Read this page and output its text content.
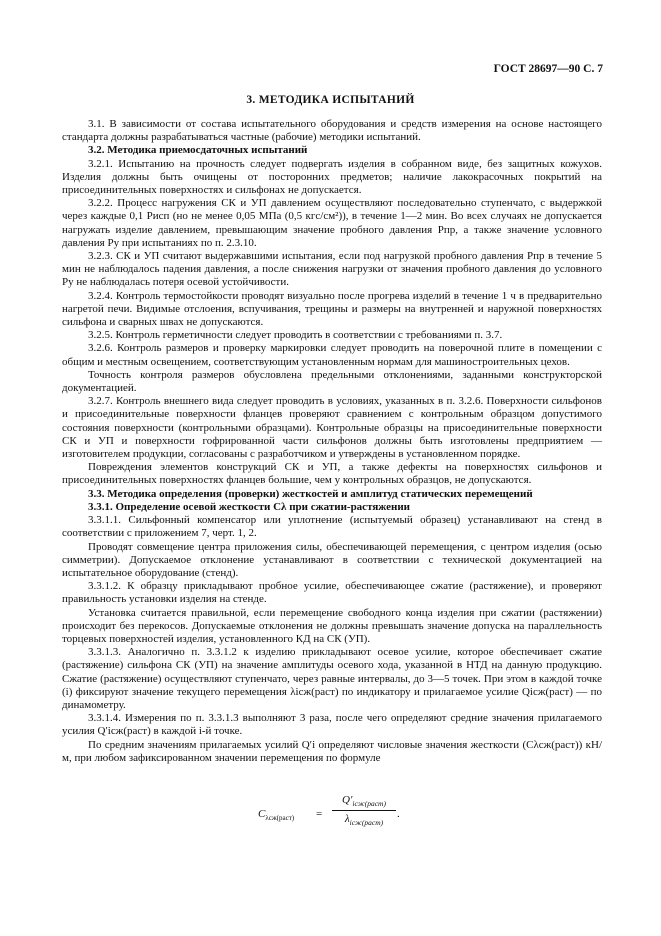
ГОСТ 28697—90 С. 7
3. МЕТОДИКА ИСПЫТАНИЙ

3.1. В зависимости от состава испытательного оборудования и средств измерения на основе настоящего стандарта должны разрабатываться частные (рабочие) методики испытаний.

3.2. Методика приемосдаточных испытаний

3.2.1. Испытанию на прочность следует подвергать изделия в собранном виде, без защитных кожухов. Изделия должны быть очищены от посторонних предметов; наличие лакокрасочных покрытий на присоединительных поверхностях и сильфонах не допускается.

3.2.2. Процесс нагружения СК и УП давлением осуществляют последовательно ступенчато, с выдержкой через каждые 0,1 Pисп (но не менее 0,05 МПа (0,5 кгс/см²)), в течение 1—2 мин. Во всех случаях не допускается нагружать изделие давлением, превышающим значение пробного давления Pпр, а также значение условного давления Pу при испытаниях по п. 2.3.10.

3.2.3. СК и УП считают выдержавшими испытания, если под нагрузкой пробного давления Pпр в течение 5 мин не наблюдалось падения давления, а после снижения нагрузки от значения пробного давления до условного Pу не наблюдалась потеря осевой устойчивости.

3.2.4. Контроль термостойкости проводят визуально после прогрева изделий в течение 1 ч в предварительно нагретой печи. Видимые отслоения, вспучивания, трещины и размеры на внутренней и наружной поверхностях сильфона и сварных швах не допускаются.

3.2.5. Контроль герметичности следует проводить в соответствии с требованиями п. 3.7.

3.2.6. Контроль размеров и проверку маркировки следует проводить на поверочной плите в помещении с общим и местным освещением, соответствующим установленным нормам для машиностроительных цехов.

Точность контроля размеров обусловлена предельными отклонениями, заданными конструкторской документацией.

3.2.7. Контроль внешнего вида следует проводить в условиях, указанных в п. 3.2.6. Поверхности сильфонов и присоединительные поверхности фланцев проверяют сравнением с контрольным образцом допустимого состояния поверхности (контрольными образцами). Контрольные образцы на присоединительные поверхности СК и УП и поверхности гофрированной части сильфонов должны быть изготовлены предприятием — изготовителем продукции, согласованы с разработчиком и утверждены в установленном порядке.

Повреждения элементов конструкций СК и УП, а также дефекты на поверхностях сильфонов и присоединительных поверхностях фланцев большие, чем у контрольных образцов, не допускаются.

3.3. Методика определения (проверки) жесткостей и амплитуд статических перемещений

3.3.1. Определение осевой жесткости Cλ при сжатии-растяжении

3.3.1.1. Сильфонный компенсатор или уплотнение (испытуемый образец) устанавливают на стенд в соответствии с приложением 7, черт. 1, 2.

Проводят совмещение центра приложения силы, обеспечивающей перемещения, с центром изделия (осью симметрии). Допускаемое отклонение устанавливают в соответствии с технической документацией на испытательное оборудование (стенд).

3.3.1.2. К образцу прикладывают пробное усилие, обеспечивающее сжатие (растяжение), и проверяют правильность установки изделия на стенде.

Установка считается правильной, если перемещение свободного конца изделия при сжатии (растяжении) происходит без перекосов. Допускаемые отклонения не должны превышать значение допуска на параллельность торцевых поверхностей изделия, установленного КД на СК (УП).

3.3.1.3. Аналогично п. 3.3.1.2 к изделию прикладывают осевое усилие, которое обеспечивает сжатие (растяжение) сильфона СК (УП) на значение амплитуды осевого хода, указанной в НТД на данную продукцию. Сжатие (растяжение) осуществляют ступенчато, через равные интервалы, до 3—5 точек. При этом в каждой точке (i) фиксируют значение текущего перемещения λiсж(раст) по индикатору и прилагаемое усилие Qiсж(раст) — по динамометру.

3.3.1.4. Измерения по п. 3.3.1.3 выполняют 3 раза, после чего определяют средние значения прилагаемого усилия Q′iсж(раст) в каждой i-й точке.

По средним значениям прилагаемых усилий Q′i определяют числовые значения жесткости (Cλсж(раст)) кН/м, при любом зафиксированном значении перемещения по формуле

$C_{\lambda сж(раст)}$ =
$Q'_{iсж(раст)}$
$\lambda_{iсж(раст)}$
.
